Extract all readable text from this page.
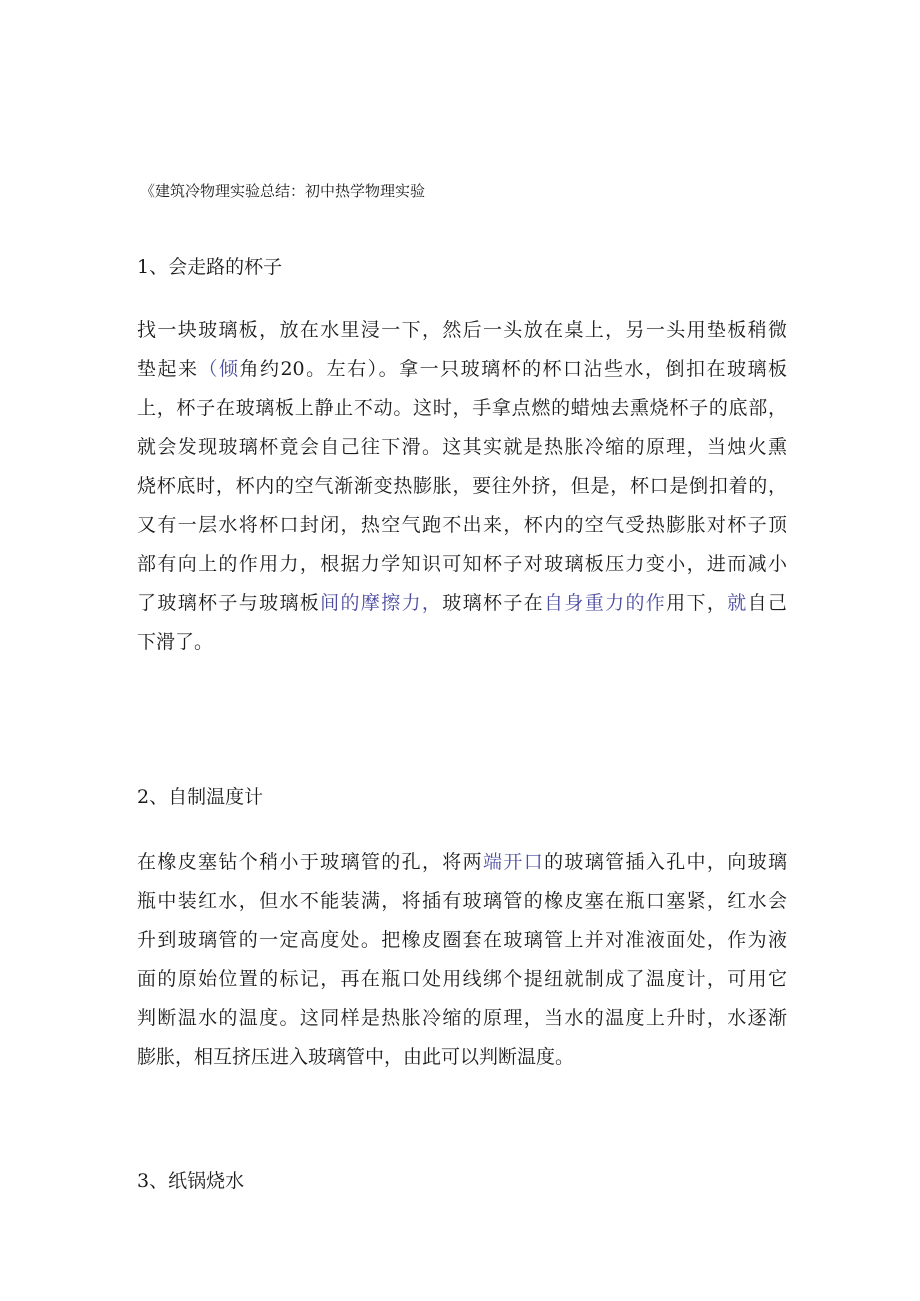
《建筑冷物理实验总结：初中热学物理实验
1、会走路的杯子
找一块玻璃板，放在水里浸一下，然后一头放在桌上，另一头用垫板稍微
垫起来（倾角约20。左右）。拿一只玻璃杯的杯口沾些水，倒扣在玻璃板
上，杯子在玻璃板上静止不动。这时，手拿点燃的蜡烛去熏烧杯子的底部，
就会发现玻璃杯竟会自己往下滑。这其实就是热胀冷缩的原理，当烛火熏
烧杯底时，杯内的空气渐渐变热膨胀，要往外挤，但是，杯口是倒扣着的，
又有一层水将杯口封闭，热空气跑不出来，杯内的空气受热膨胀对杯子顶
部有向上的作用力，根据力学知识可知杯子对玻璃板压力变小，进而减小
了玻璃杯子与玻璃板间的摩擦力，玻璃杯子在自身重力的作用下，就自己
下滑了。
2、自制温度计
在橡皮塞钻个稍小于玻璃管的孔，将两端开口的玻璃管插入孔中，向玻璃
瓶中装红水，但水不能装满，将插有玻璃管的橡皮塞在瓶口塞紧，红水会
升到玻璃管的一定高度处。把橡皮圈套在玻璃管上并对准液面处，作为液
面的原始位置的标记，再在瓶口处用线绑个提纽就制成了温度计，可用它
判断温水的温度。这同样是热胀冷缩的原理，当水的温度上升时，水逐渐
膨胀，相互挤压进入玻璃管中，由此可以判断温度。
3、纸锅烧水
